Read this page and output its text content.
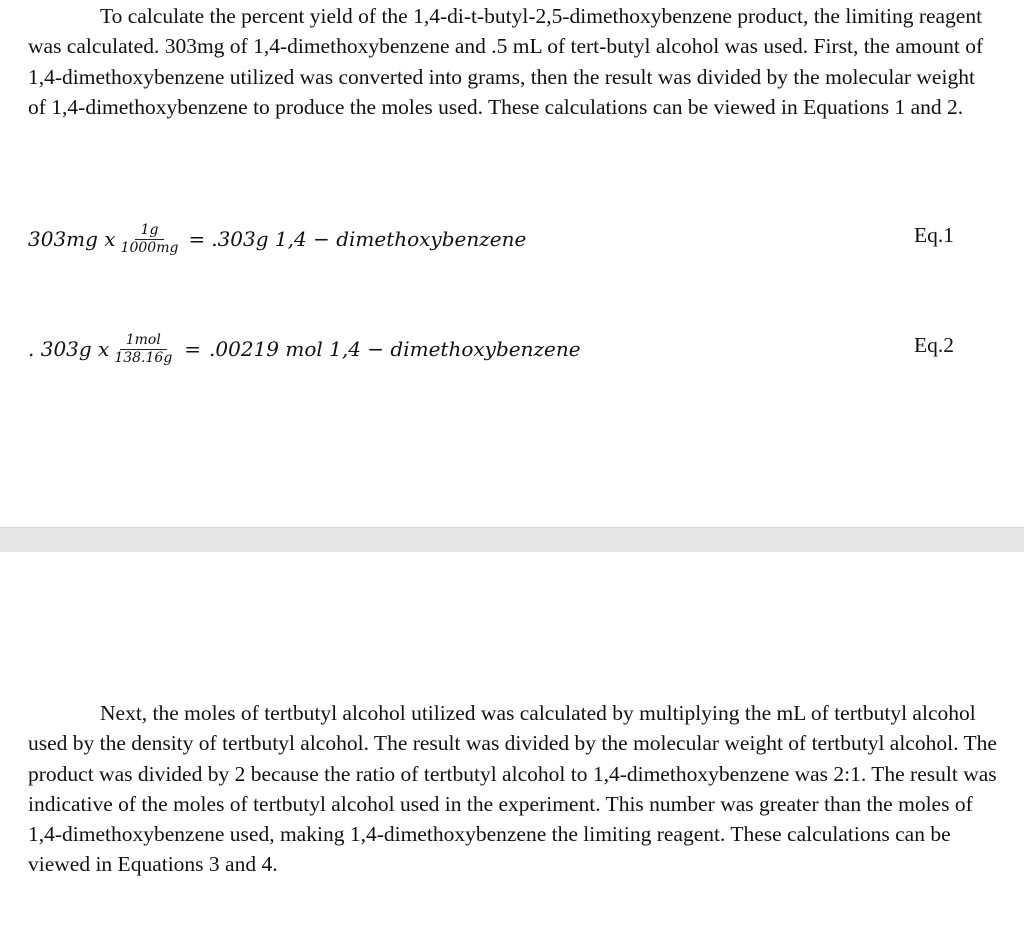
To calculate the percent yield of the 1,4-di-t-butyl-2,5-dimethoxybenzene product, the limiting reagent was calculated. 303mg of 1,4-dimethoxybenzene and .5 mL of tert-butyl alcohol was used. First, the amount of 1,4-dimethoxybenzene utilized was converted into grams, then the result was divided by the molecular weight of 1,4-dimethoxybenzene to produce the moles used. These calculations can be viewed in Equations 1 and 2.

303mg x $\frac{1g}{1000mg} = .303g$ 1,4 − dimethoxybenzene	Eq.1
. 303g x $\frac{\text{1mol}}{138.16g} = .00219$ mol 1,4 − dimethoxybenzene	Eq.2

Next, the moles of tertbutyl alcohol utilized was calculated by multiplying the mL of tertbutyl alcohol used by the density of tertbutyl alcohol. The result was divided by the molecular weight of tertbutyl alcohol. The product was divided by 2 because the ratio of tertbutyl alcohol to 1,4-dimethoxybenzene was 2:1. The result was indicative of the moles of tertbutyl alcohol used in the experiment. This number was greater than the moles of 1,4-dimethoxybenzene used, making 1,4-dimethoxybenzene the limiting reagent. These calculations can be viewed in Equations 3 and 4.
